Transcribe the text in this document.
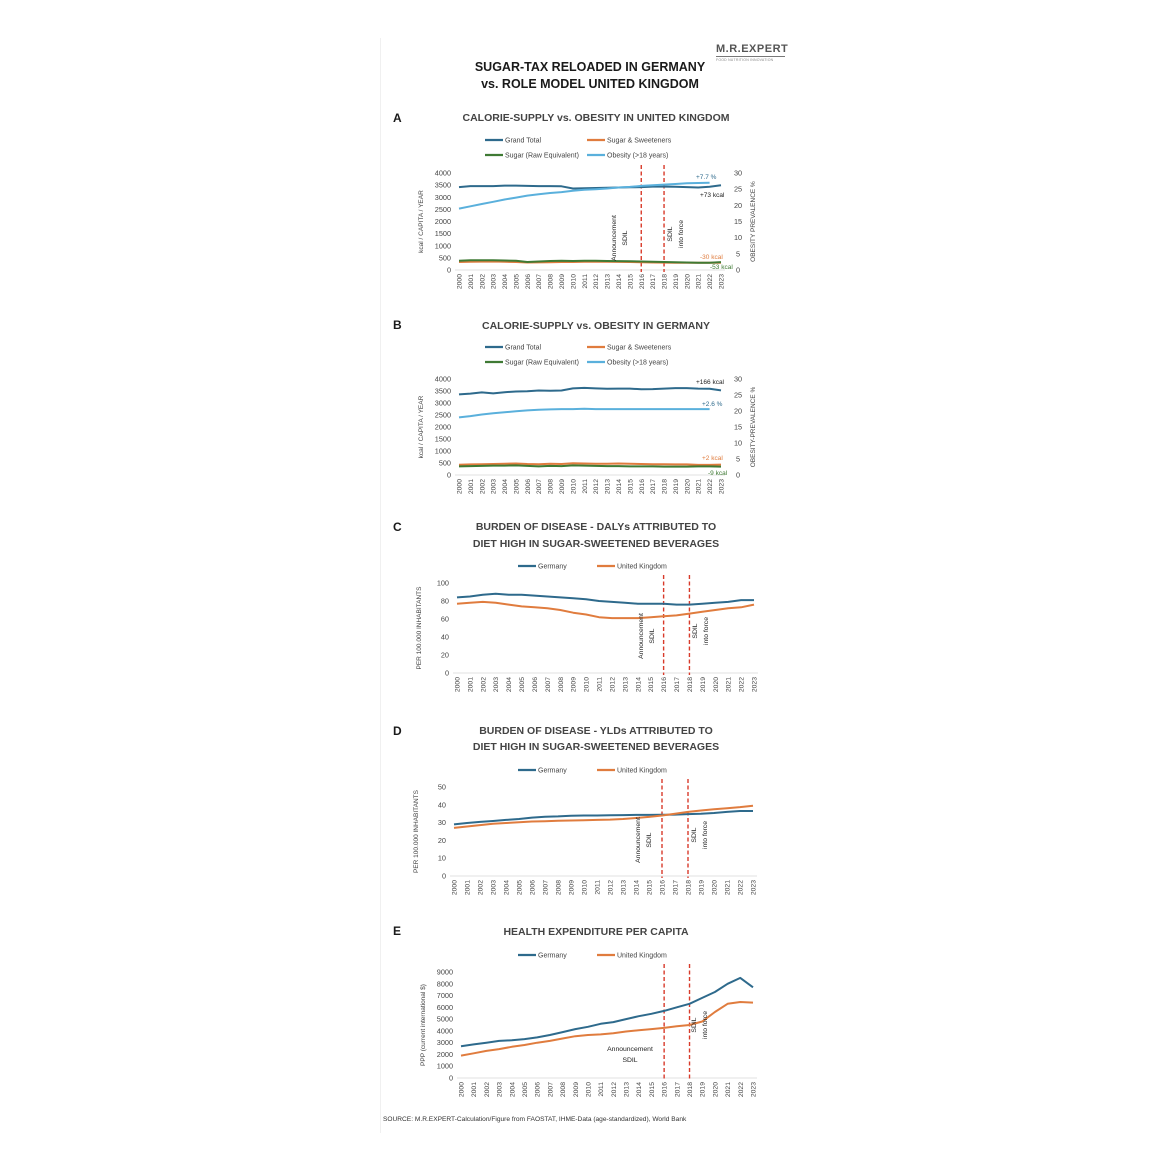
M.R.EXPERT
FOOD NUTRITION INNOVATION
SUGAR-TAX RELOADED IN GERMANY
vs. ROLE MODEL UNITED KINGDOM
A	CALORIE-SUPPLY vs. OBESITY IN UNITED KINGDOM
Grand Total	Sugar & Sweeteners
Sugar (Raw Equivalent)	Obesity (>18 years)
0
500
1000
1500
2000
2500
3000
3500
4000
kcal / CAPITA / YEAR
0
5
10
15
20
25
30
OBESITY PREVALENCE %
2000 2001 2002 2003 2004 2005 2006 2007 2008 2009 2010 2011 2012 2013 2014 2015 2016 2017 2018 2019 2020 2021 2022 2023
Announcement SDIL	SDIL into force
+7.7 %
+73 kcal
-30 kcal
-53 kcal
B	CALORIE-SUPPLY vs. OBESITY IN GERMANY
Grand Total	Sugar & Sweeteners
Sugar (Raw Equivalent)	Obesity (>18 years)
0
500
1000
1500
2000
2500
3000
3500
4000
kcal / CAPITA / YEAR
0
5
10
15
20
25
30
OBESITY-PREVALENCE %
2000 2001 2002 2003 2004 2005 2006 2007 2008 2009 2010 2011 2012 2013 2014 2015 2016 2017 2018 2019 2020 2021 2022 2023
+166 kcal
+2.6 %
+2 kcal
-9 kcal
C	BURDEN OF DISEASE - DALYs ATTRIBUTED TO
DIET HIGH IN SUGAR-SWEETENED BEVERAGES
Germany	United Kingdom
0
20
40
60
80
100
PER 100.000 INHABITANTS
2000 2001 2002 2003 2004 2005 2006 2007 2008 2009 2010 2011 2012 2013 2014 2015 2016 2017 2018 2019 2020 2021 2022 2023
Announcement SDIL	SDIL into force
D	BURDEN OF DISEASE - YLDs ATTRIBUTED TO
DIET HIGH IN SUGAR-SWEETENED BEVERAGES
Germany	United Kingdom
0
10
20
30
40
50
PER 100.000 INHABITANTS
2000 2001 2002 2003 2004 2005 2006 2007 2008 2009 2010 2011 2012 2013 2014 2015 2016 2017 2018 2019 2020 2021 2022 2023
Announcement SDIL	SDIL into force
E	HEALTH EXPENDITURE PER CAPITA
Germany	United Kingdom
0
1000
2000
3000
4000
5000
6000
7000
8000
9000
PPP (current international $)
2000 2001 2002 2003 2004 2005 2006 2007 2008 2009 2010 2011 2012 2013 2014 2015 2016 2017 2018 2019 2020 2021 2022 2023
Announcement
SDIL
SDIL into force
SOURCE: M.R.EXPERT-Calculation/Figure from FAOSTAT, IHME-Data (age-standardized), World Bank
